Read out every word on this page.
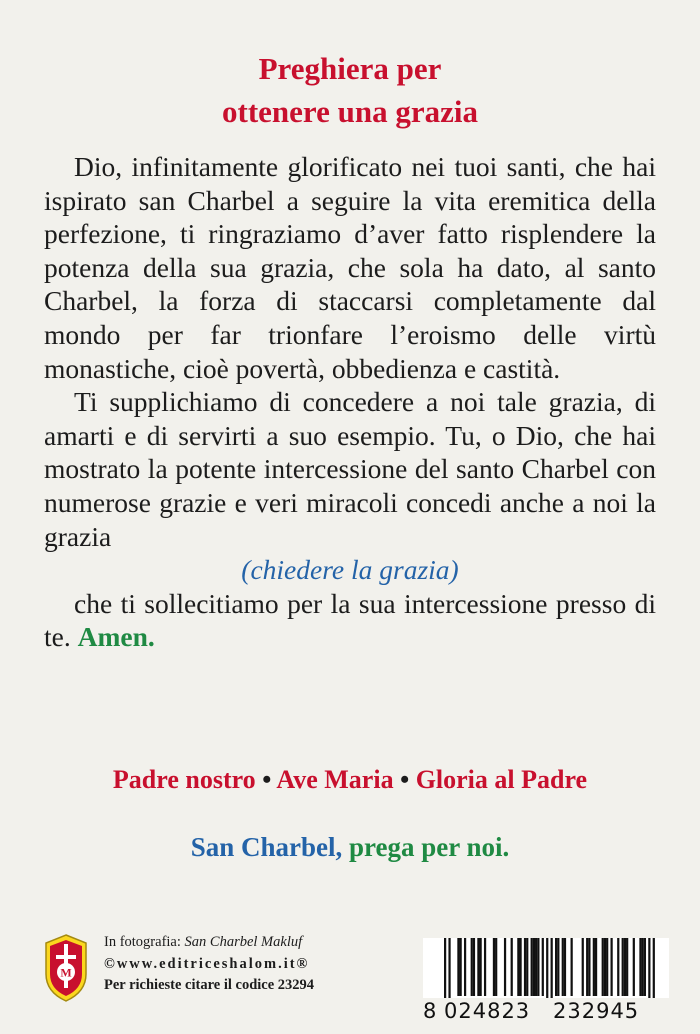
Preghiera per
ottenere una grazia

Dio, infinitamente glorificato nei tuoi santi, che hai ispirato san Charbel a seguire la vita eremitica della perfezione, ti ringraziamo d’aver fatto risplendere la potenza della sua grazia, che sola ha dato, al santo Charbel, la forza di staccarsi completamente dal mondo per far trionfare l’eroismo delle virtù monastiche, cioè povertà, obbedienza e castità.

Ti supplichiamo di concedere a noi tale grazia, di amarti e di servirti a suo esempio. Tu, o Dio, che hai mostrato la potente intercessione del santo Charbel con numerose grazie e veri miracoli concedi anche a noi la grazia

(chiedere la grazia)

che ti sollecitiamo per la sua intercessione presso di te. Amen.

Padre nostro • Ave Maria • Gloria al Padre

San Charbel, prega per noi.

M
In fotografia: San Charbel Makluf
©www.editriceshalom.it®
Per richieste citare il codice 23294
8 024823 232945
